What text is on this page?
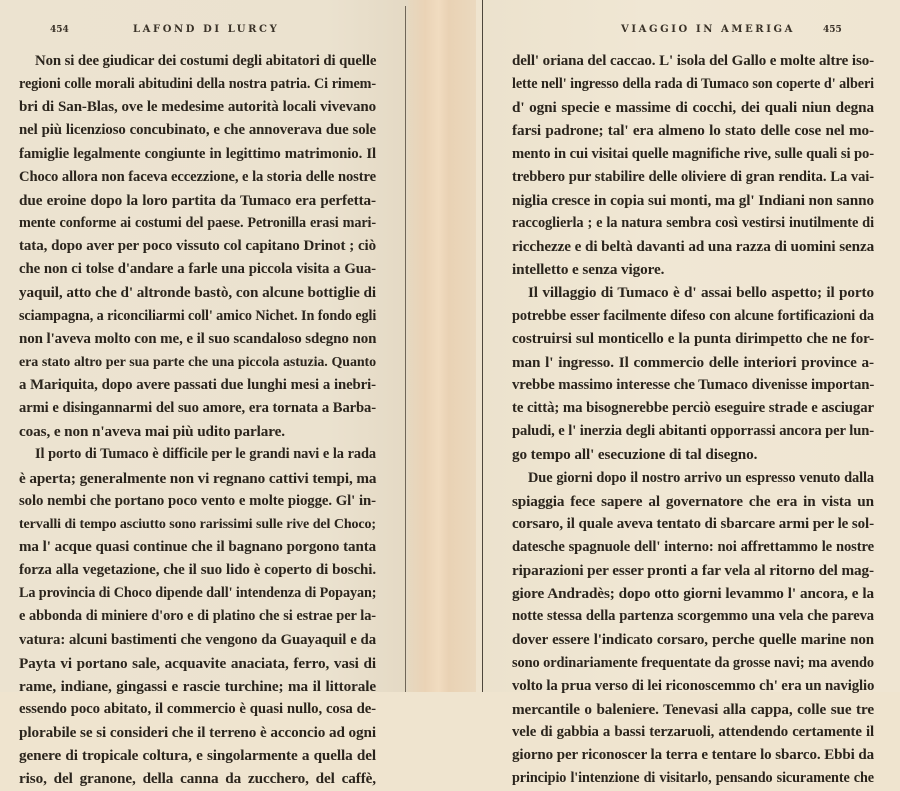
454	LAFOND DI LURCY
Non si dee giudicar dei costumi degli abitatori di quelle
regioni colle morali abitudini della nostra patria. Ci rimem-
bri di San-Blas, ove le medesime autorità locali vivevano
nel più licenzioso concubinato, e che annoverava due sole
famiglie legalmente congiunte in legittimo matrimonio. Il
Choco allora non faceva eccezzione, e la storia delle nostre
due eroine dopo la loro partita da Tumaco era perfetta-
mente conforme ai costumi del paese. Petronilla erasi mari-
tata, dopo aver per poco vissuto col capitano Drinot ; ciò
che non ci tolse d'andare a farle una piccola visita a Gua-
yaquil, atto che d' altronde bastò, con alcune bottiglie di
sciampagna, a riconciliarmi coll' amico Nichet. In fondo egli
non l'aveva molto con me, e il suo scandaloso sdegno non
era stato altro per sua parte che una piccola astuzia. Quanto
a Mariquita, dopo avere passati due lunghi mesi a inebri-
armi e disingannarmi del suo amore, era tornata a Barba-
coas, e non n'aveva mai più udito parlare.
Il porto di Tumaco è difficile per le grandi navi e la rada
è aperta; generalmente non vi regnano cattivi tempi, ma
solo nembi che portano poco vento e molte piogge. Gl' in-
tervalli di tempo asciutto sono rarissimi sulle rive del Choco;
ma l' acque quasi continue che il bagnano porgono tanta
forza alla vegetazione, che il suo lido è coperto di boschi.
La provincia di Choco dipende dall' intendenza di Popayan;
e abbonda di miniere d'oro e di platino che si estrae per la-
vatura: alcuni bastimenti che vengono da Guayaquil e da
Payta vi portano sale, acquavite anaciata, ferro, vasi di
rame, indiane, gingassi e rascie turchine; ma il littorale
essendo poco abitato, il commercio è quasi nullo, cosa de-
plorabile se si consideri che il terreno è acconcio ad ogni
genere di tropicale coltura, e singolarmente a quella del
riso, del granone, della canna da zucchero, del caffè,
VIAGGIO IN AMERIGA	455
dell' oriana del caccao. L' isola del Gallo e molte altre iso-
lette nell' ingresso della rada di Tumaco son coperte d' alberi
d' ogni specie e massime di cocchi, dei quali niun degna
farsi padrone; tal' era almeno lo stato delle cose nel mo-
mento in cui visitai quelle magnifiche rive, sulle quali si po-
trebbero pur stabilire delle oliviere di gran rendita. La vai-
niglia cresce in copia sui monti, ma gl' Indiani non sanno
raccoglierla ; e la natura sembra così vestirsi inutilmente di
ricchezze e di beltà davanti ad una razza di uomini senza
intelletto e senza vigore.
Il villaggio di Tumaco è d' assai bello aspetto; il porto
potrebbe esser facilmente difeso con alcune fortificazioni da
costruirsi sul monticello e la punta dirimpetto che ne for-
man l' ingresso. Il commercio delle interiori province a-
vrebbe massimo interesse che Tumaco divenisse importan-
te città; ma bisognerebbe perciò eseguire strade e asciugar
paludi, e l' inerzia degli abitanti opporrassi ancora per lun-
go tempo all' esecuzione di tal disegno.
Due giorni dopo il nostro arrivo un espresso venuto dalla
spiaggia fece sapere al governatore che era in vista un
corsaro, il quale aveva tentato di sbarcare armi per le sol-
datesche spagnuole dell' interno: noi affrettammo le nostre
riparazioni per esser pronti a far vela al ritorno del mag-
giore Andradès; dopo otto giorni levammo l' ancora, e la
notte stessa della partenza scorgemmo una vela che pareva
dover essere l'indicato corsaro, perche quelle marine non
sono ordinariamente frequentate da grosse navi; ma avendo
volto la prua verso di lei riconoscemmo ch' era un naviglio
mercantile o baleniere. Tenevasi alla cappa, colle sue tre
vele di gabbia a bassi terzaruoli, attendendo certamente il
giorno per riconoscer la terra e tentare lo sbarco. Ebbi da
principio l'intenzione di visitarlo, pensando sicuramente che
